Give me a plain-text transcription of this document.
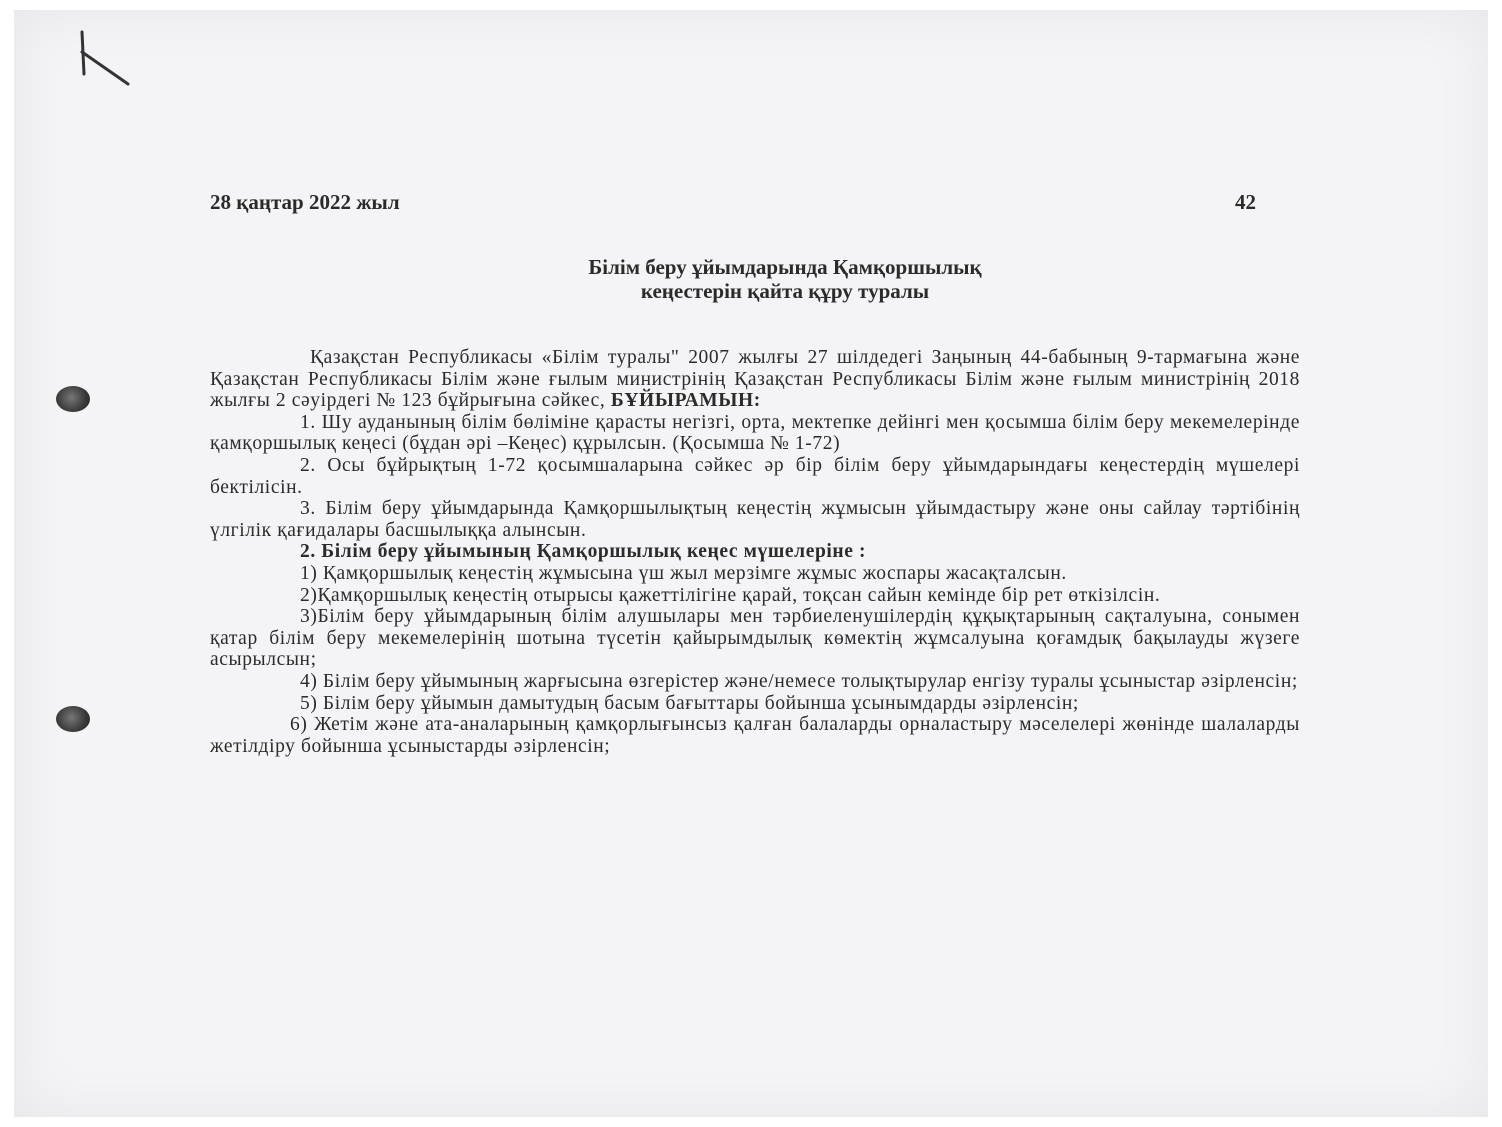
28 қаңтар 2022 жыл	42
Білім беру ұйымдарында Қамқоршылық
кеңестерін қайта құру туралы

Қазақстан Республикасы «Білім туралы" 2007 жылғы 27 шілдедегі Заңының 44-бабының 9-тармағына және Қазақстан Республикасы Білім және ғылым министрінің Қазақстан Республикасы Білім және ғылым министрінің 2018 жылғы 2 сәуірдегі № 123 бұйрығына сәйкес, БҰЙЫРАМЫН:

1. Шу ауданының білім бөліміне қарасты негізгі, орта, мектепке дейінгі мен қосымша білім беру мекемелерінде қамқоршылық кеңесі (бұдан әрі –Кеңес) құрылсын. (Қосымша № 1-72)

2. Осы бұйрықтың 1-72 қосымшаларына сәйкес әр бір білім беру ұйымдарындағы кеңестердің мүшелері бектілісін.

3. Білім беру ұйымдарында Қамқоршылықтың кеңестің жұмысын ұйымдастыру және оны сайлау тәртібінің үлгілік қағидалары басшылыққа алынсын.

2. Білім беру ұйымының Қамқоршылық кеңес мүшелеріне :

1) Қамқоршылық кеңестің жұмысына үш жыл мерзімге жұмыс жоспары жасақталсын.

2)Қамқоршылық кеңестің отырысы қажеттілігіне қарай, тоқсан сайын кемінде бір рет өткізілсін.

3)Білім беру ұйымдарының білім алушылары мен тәрбиеленушілердің құқықтарының сақталуына, сонымен қатар білім беру мекемелерінің шотына түсетін қайырымдылық көмектің жұмсалуына қоғамдық бақылауды жүзеге асырылсын;

4) Білім беру ұйымының жарғысына өзгерістер және/немесе толықтырулар енгізу туралы ұсыныстар әзірленсін;

5) Білім беру ұйымын дамытудың басым бағыттары бойынша ұсынымдарды әзірленсін;

6) Жетім және ата-аналарының қамқорлығынсыз қалған балаларды орналастыру мәселелері жөнінде шалаларды жетілдіру бойынша ұсыныстарды әзірленсін;
